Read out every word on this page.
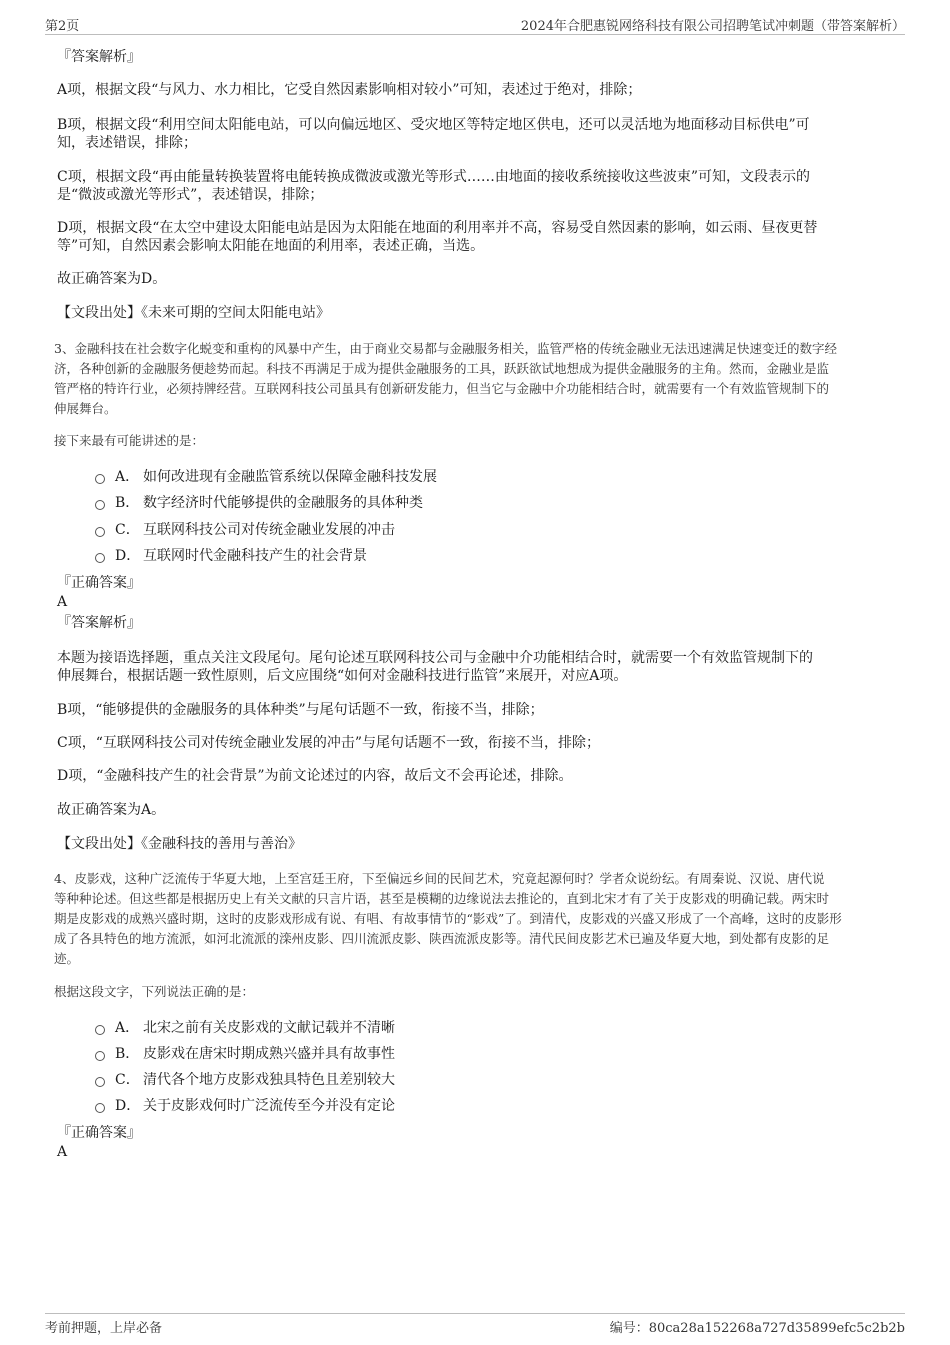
第2页	2024年合肥惠锐网络科技有限公司招聘笔试冲刺题（带答案解析）
『答案解析』
A项，根据文段“与风力、水力相比，它受自然因素影响相对较小”可知，表述过于绝对，排除；
B项，根据文段“利用空间太阳能电站，可以向偏远地区、受灾地区等特定地区供电，还可以灵活地为地面移动目标供电”可
知，表述错误，排除；
C项，根据文段“再由能量转换装置将电能转换成微波或激光等形式……由地面的接收系统接收这些波束”可知，文段表示的
是“微波或激光等形式”，表述错误，排除；
D项，根据文段“在太空中建设太阳能电站是因为太阳能在地面的利用率并不高，容易受自然因素的影响，如云雨、昼夜更替
等”可知，自然因素会影响太阳能在地面的利用率，表述正确，当选。
故正确答案为D。
【文段出处】《未来可期的空间太阳能电站》
3、金融科技在社会数字化蜕变和重构的风暴中产生，由于商业交易都与金融服务相关，监管严格的传统金融业无法迅速满足快速变迁的数字经
济，各种创新的金融服务便趁势而起。科技不再满足于成为提供金融服务的工具，跃跃欲试地想成为提供金融服务的主角。然而，金融业是监
管严格的特许行业，必须持牌经营。互联网科技公司虽具有创新研发能力，但当它与金融中介功能相结合时，就需要有一个有效监管规制下的
伸展舞台。
接下来最有可能讲述的是：
A． 如何改进现有金融监管系统以保障金融科技发展
B． 数字经济时代能够提供的金融服务的具体种类
C． 互联网科技公司对传统金融业发展的冲击
D． 互联网时代金融科技产生的社会背景
『正确答案』
A
『答案解析』
本题为接语选择题，重点关注文段尾句。尾句论述互联网科技公司与金融中介功能相结合时，就需要一个有效监管规制下的
伸展舞台，根据话题一致性原则，后文应围绕“如何对金融科技进行监管”来展开，对应A项。
B项，“能够提供的金融服务的具体种类”与尾句话题不一致，衔接不当，排除；
C项，“互联网科技公司对传统金融业发展的冲击”与尾句话题不一致，衔接不当，排除；
D项，“金融科技产生的社会背景”为前文论述过的内容，故后文不会再论述，排除。
故正确答案为A。
【文段出处】《金融科技的善用与善治》
4、皮影戏，这种广泛流传于华夏大地，上至宫廷王府，下至偏远乡间的民间艺术，究竟起源何时？学者众说纷纭。有周秦说、汉说、唐代说
等种种论述。但这些都是根据历史上有关文献的只言片语，甚至是模糊的边缘说法去推论的，直到北宋才有了关于皮影戏的明确记载。两宋时
期是皮影戏的成熟兴盛时期，这时的皮影戏形成有说、有唱、有故事情节的“影戏”了。到清代，皮影戏的兴盛又形成了一个高峰，这时的皮影形
成了各具特色的地方流派，如河北流派的滦州皮影、四川流派皮影、陕西流派皮影等。清代民间皮影艺术已遍及华夏大地，到处都有皮影的足
迹。
根据这段文字，下列说法正确的是：
A． 北宋之前有关皮影戏的文献记载并不清晰
B． 皮影戏在唐宋时期成熟兴盛并具有故事性
C． 清代各个地方皮影戏独具特色且差别较大
D． 关于皮影戏何时广泛流传至今并没有定论
『正确答案』
A
考前押题，上岸必备	编号：80ca28a152268a727d35899efc5c2b2b
